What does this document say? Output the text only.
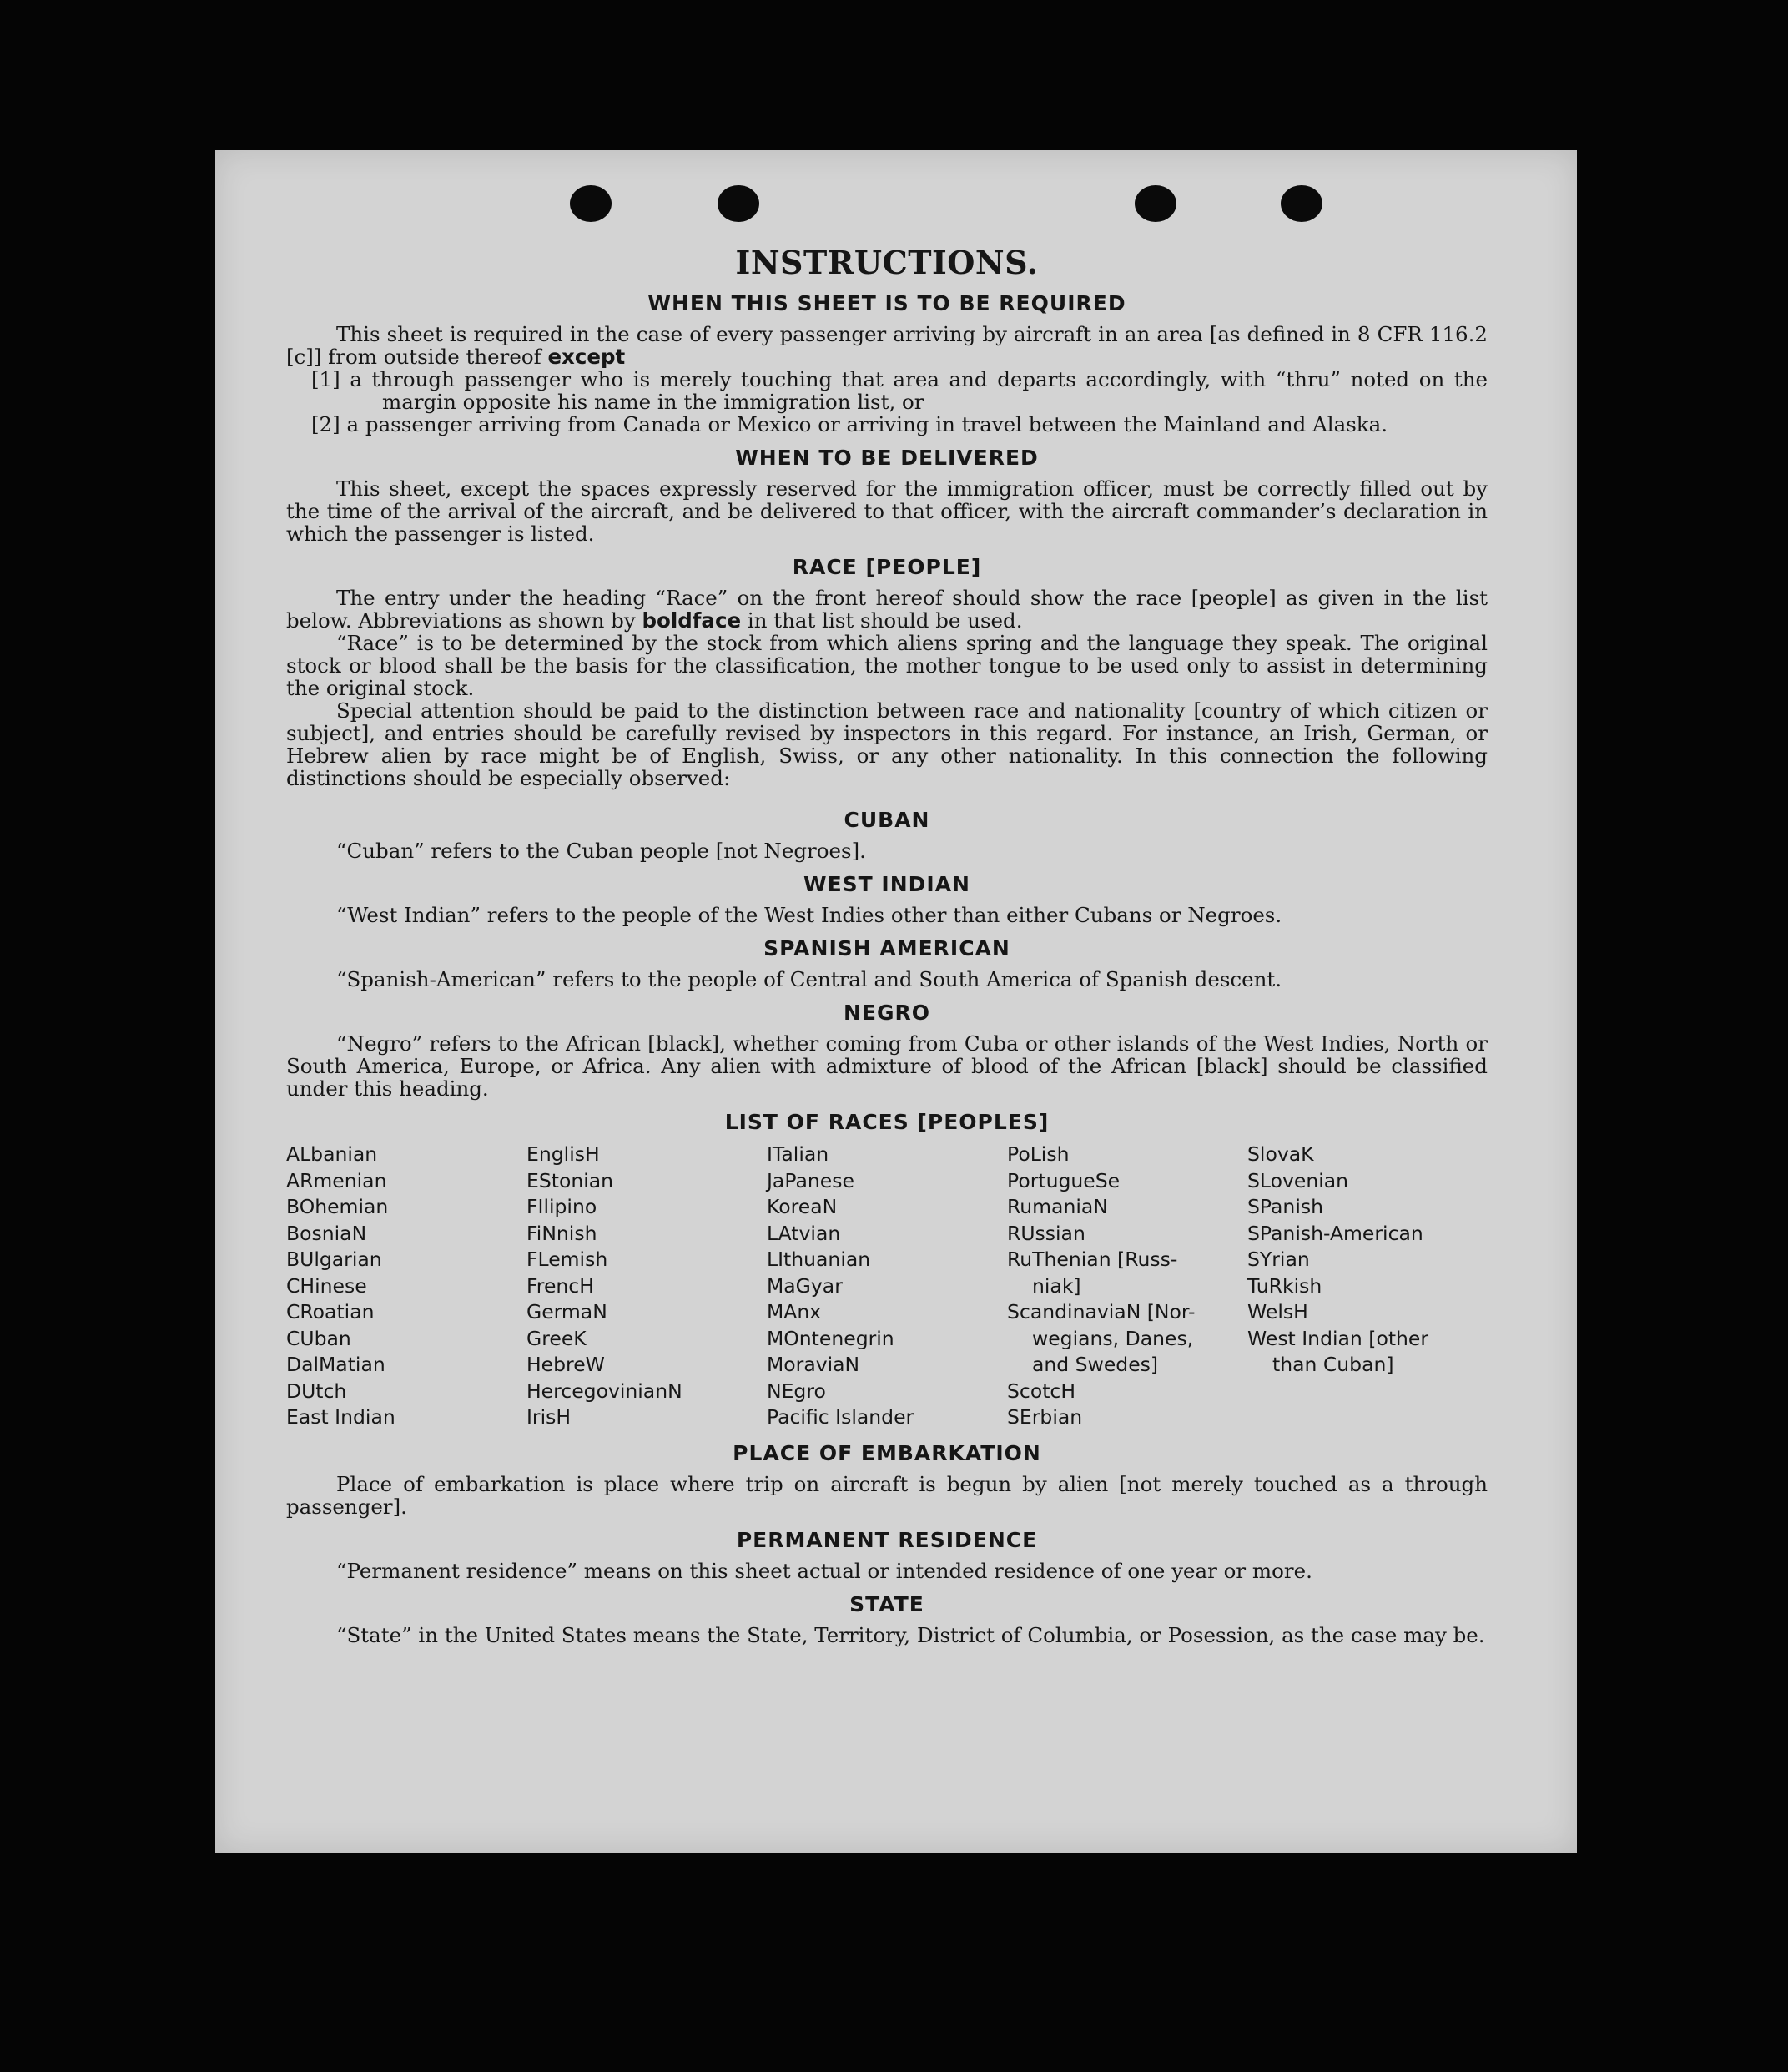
INSTRUCTIONS.
WHEN THIS SHEET IS TO BE REQUIRED

This sheet is required in the case of every passenger arriving by aircraft in an area [as defined in 8 CFR 116.2 [c]] from outside thereof except

[1] a through passenger who is merely touching that area and departs accordingly, with “thru” noted on the margin opposite his name in the immigration list, or

[2] a passenger arriving from Canada or Mexico or arriving in travel between the Mainland and Alaska.

WHEN TO BE DELIVERED

This sheet, except the spaces expressly reserved for the immigration officer, must be correctly filled out by the time of the arrival of the aircraft, and be delivered to that officer, with the aircraft commander’s declaration in which the passenger is listed.

RACE [PEOPLE]

The entry under the heading “Race” on the front hereof should show the race [people] as given in the list below. Abbreviations as shown by boldface in that list should be used.

“Race” is to be determined by the stock from which aliens spring and the language they speak. The original stock or blood shall be the basis for the classification, the mother tongue to be used only to assist in determining the original stock.

Special attention should be paid to the distinction between race and nationality [country of which citizen or subject], and entries should be carefully revised by inspectors in this regard. For instance, an Irish, German, or Hebrew alien by race might be of English, Swiss, or any other nationality. In this connection the following distinctions should be especially observed:

CUBAN

“Cuban” refers to the Cuban people [not Negroes].

WEST INDIAN

“West Indian” refers to the people of the West Indies other than either Cubans or Negroes.

SPANISH AMERICAN

“Spanish-American” refers to the people of Central and South America of Spanish descent.

NEGRO

“Negro” refers to the African [black], whether coming from Cuba or other islands of the West Indies, North or South America, Europe, or Africa. Any alien with admixture of blood of the African [black] should be classified under this heading.

LIST OF RACES [PEOPLES]
ALbanian
ARmenian
BOhemian
BosniaN
BUlgarian
CHinese
CRoatian
CUban
DalMatian
DUtch
East Indian
EnglisH
EStonian
FIlipino
FiNnish
FLemish
FrencH
GermaN
GreeK
HebreW
HercegovinianN
IrisH
ITalian
JaPanese
KoreaN
LAtvian
LIthuanian
MaGyar
MAnx
MOntenegrin
MoraviaN
NEgro
Pacific Islander
PoLish
PortugueSe
RumaniaN
RUssian
RuThenian [Russ-
niak]
ScandinaviaN [Nor-
wegians, Danes,
and Swedes]
ScotcH
SErbian
SlovaK
SLovenian
SPanish
SPanish-American
SYrian
TuRkish
WelsH
West Indian [other
than Cuban]
PLACE OF EMBARKATION

Place of embarkation is place where trip on aircraft is begun by alien [not merely touched as a through passenger].

PERMANENT RESIDENCE

“Permanent residence” means on this sheet actual or intended residence of one year or more.

STATE

“State” in the United States means the State, Territory, District of Columbia, or Posession, as the case may be.
